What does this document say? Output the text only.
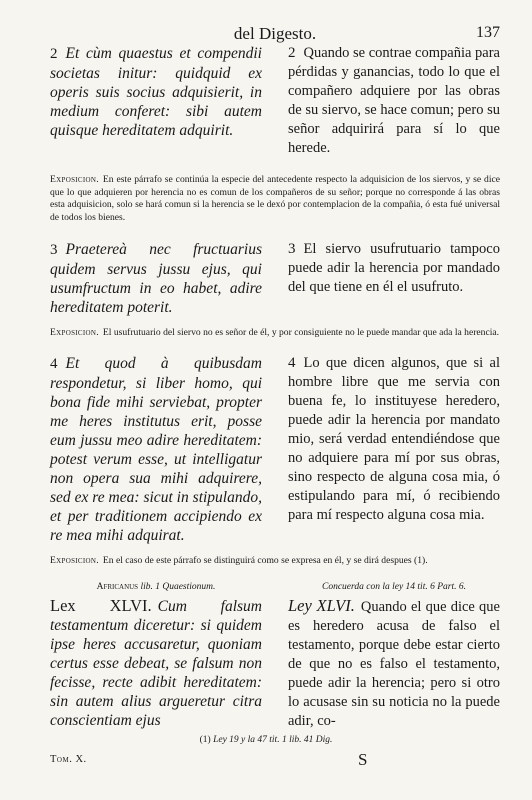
del Digesto.	137

2 Et cùm quaestus et compendii societas initur: quidquid ex operis suis socius adquisierit, in medium conferet: sibi autem quisque hereditatem adquirit.

2 Quando se contrae compañia para pérdidas y ganancias, todo lo que el compañero adquiere por las obras de su siervo, se hace comun; pero su señor adquirirá para sí lo que herede.

Exposicion. En este párrafo se continúa la especie del antecedente respecto la adquisicion de los siervos, y se dice que lo que adquieren por herencia no es comun de los compañeros de su señor; porque no corresponde á las obras esta adquisicion, solo se hará comun si la herencia se le dexó por contemplacion de la compañia, ó esta fué universal de todos los bienes.

3 Praetereà nec fructuarius quidem servus jussu ejus, qui usumfructum in eo habet, adire hereditatem poterit.

3 El siervo usufrutuario tampoco puede adir la herencia por mandado del que tiene en él el usufruto.

Exposicion. El usufrutuario del siervo no es señor de él, y por consiguiente no le puede mandar que ada la herencia.

4 Et quod à quibusdam respondetur, si liber homo, qui bona fide mihi serviebat, propter me heres institutus erit, posse eum jussu meo adire hereditatem: potest verum esse, ut intelligatur non opera sua mihi adquirere, sed ex re mea: sicut in stipulando, et per traditionem accipiendo ex re mea mihi adquirat.

4 Lo que dicen algunos, que si al hombre libre que me servia con buena fe, lo instituyese heredero, puede adir la herencia por mandato mio, será verdad entendiéndose que no adquiere para mí por sus obras, sino respecto de alguna cosa mia, ó estipulando para mí, ó recibiendo para mí respecto alguna cosa mia.

Exposicion. En el caso de este párrafo se distinguirá como se expresa en él, y se dirá despues (1).

Africanus lib. 1 Quaestionum.	Concuerda con la ley 14 tit. 6 Part. 6.

Lex XLVI. Cum falsum testamentum diceretur: si quidem ipse heres accusaretur, quoniam certus esse debeat, se falsum non fecisse, recte adibit hereditatem: sin autem alius argueretur citra conscientiam ejus

Ley XLVI. Quando el que dice que es heredero acusa de falso el testamento, porque debe estar cierto de que no es falso el testamento, puede adir la herencia; pero si otro lo acusase sin su noticia no la puede adir, co-

(1) Ley 19 y la 47 tit. 1 lib. 41 Dig.
Tom. X.	S
